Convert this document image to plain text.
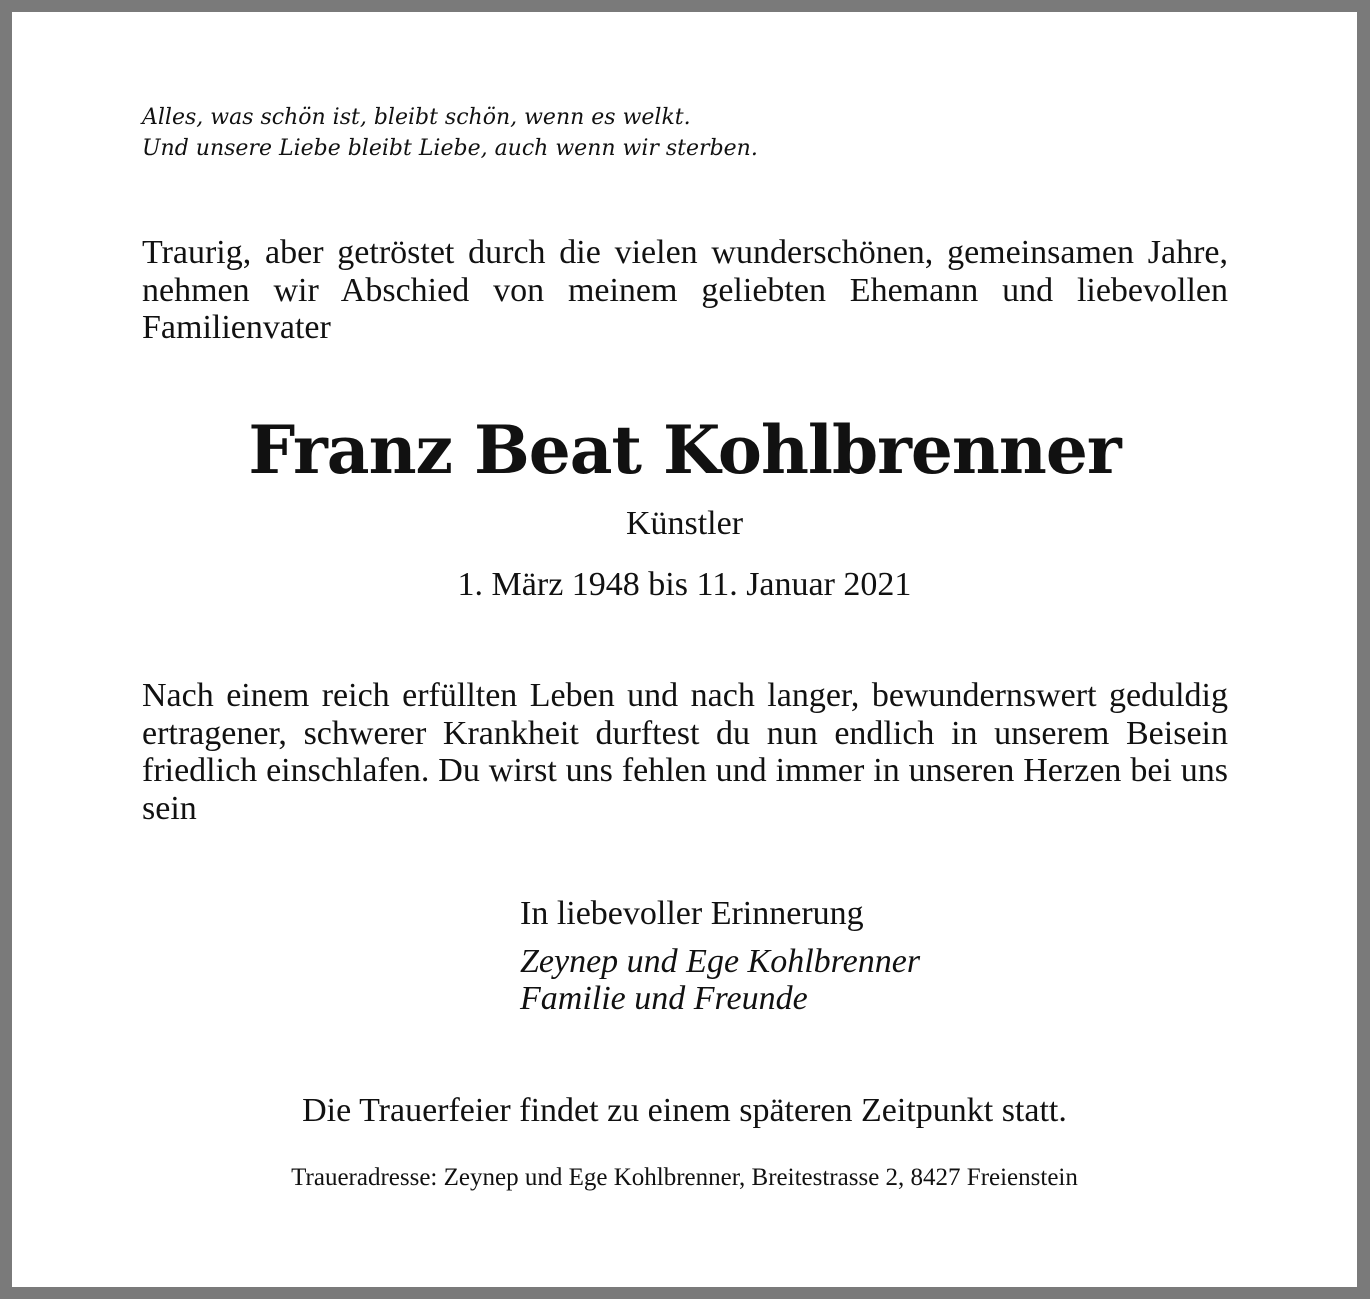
Alles, was schön ist, bleibt schön, wenn es welkt.
Und unsere Liebe bleibt Liebe, auch wenn wir sterben.
Traurig, aber getröstet durch die vielen wunderschönen, gemeinsamen Jahre, nehmen wir Abschied von meinem geliebten Ehemann und liebevollen Familienvater
Franz Beat Kohlbrenner
Künstler
1. März 1948 bis 11. Januar 2021
Nach einem reich erfüllten Leben und nach langer, bewundernswert geduldig ertragener, schwerer Krankheit durftest du nun endlich in unserem Beisein friedlich einschlafen. Du wirst uns fehlen und immer in unseren Herzen bei uns sein
In liebevoller Erinnerung
Zeynep und Ege Kohlbrenner
Familie und Freunde
Die Trauerfeier findet zu einem späteren Zeitpunkt statt.
Traueradresse: Zeynep und Ege Kohlbrenner, Breitestrasse 2, 8427 Freienstein
